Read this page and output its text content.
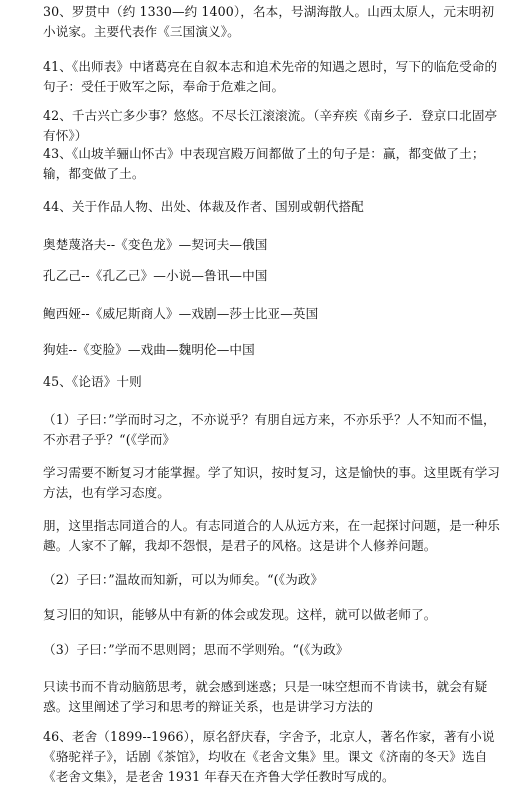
30、罗贯中（约 1330—约 1400），名本，号湖海散人。山西太原人，元末明初小说家。主要代表作《三国演义》。

41、《出师表》中诸葛亮在自叙本志和追术先帝的知遇之恩时，写下的临危受命的句子：受任于败军之际，奉命于危难之间。

42、千古兴亡多少事？悠悠。不尽长江滚滚流。（辛弃疾《南乡子．登京口北固亭有怀》）

43、《山坡羊骊山怀古》中表现宫殿万间都做了土的句子是：赢，都变做了土；输，都变做了土。

44、关于作品人物、出处、体裁及作者、国别或朝代搭配

奥楚蔑洛夫--《变色龙》—契诃夫—俄国

孔乙己--《孔乙己》—小说—鲁讯—中国

鲍西娅--《威尼斯商人》—戏剧—莎士比亚—英国

狗娃--《变脸》—戏曲—魏明伦—中国

45、《论语》十则

（1）子曰：”学而时习之，不亦说乎？有朋自远方来，不亦乐乎？人不知而不愠，不亦君子乎？“(《学而》

学习需要不断复习才能掌握。学了知识，按时复习，这是愉快的事。这里既有学习方法，也有学习态度。

朋，这里指志同道合的人。有志同道合的人从远方来，在一起探讨问题，是一种乐趣。人家不了解，我却不怨恨，是君子的风格。这是讲个人修养问题。

（2）子曰：”温故而知新，可以为师矣。“(《为政》

复习旧的知识，能够从中有新的体会或发现。这样，就可以做老师了。

（3）子曰：”学而不思则罔；思而不学则殆。“(《为政》

只读书而不肯动脑筋思考，就会感到迷惑；只是一味空想而不肯读书，就会有疑惑。这里阐述了学习和思考的辩证关系，也是讲学习方法的

46、老舍（1899--1966），原名舒庆春，字舍予，北京人，著名作家，著有小说《骆驼祥子》，话剧《茶馆》，均收在《老舍文集》里。课文《济南的冬天》选自《老舍文集》，是老舍 1931 年春天在齐鲁大学任教时写成的。
